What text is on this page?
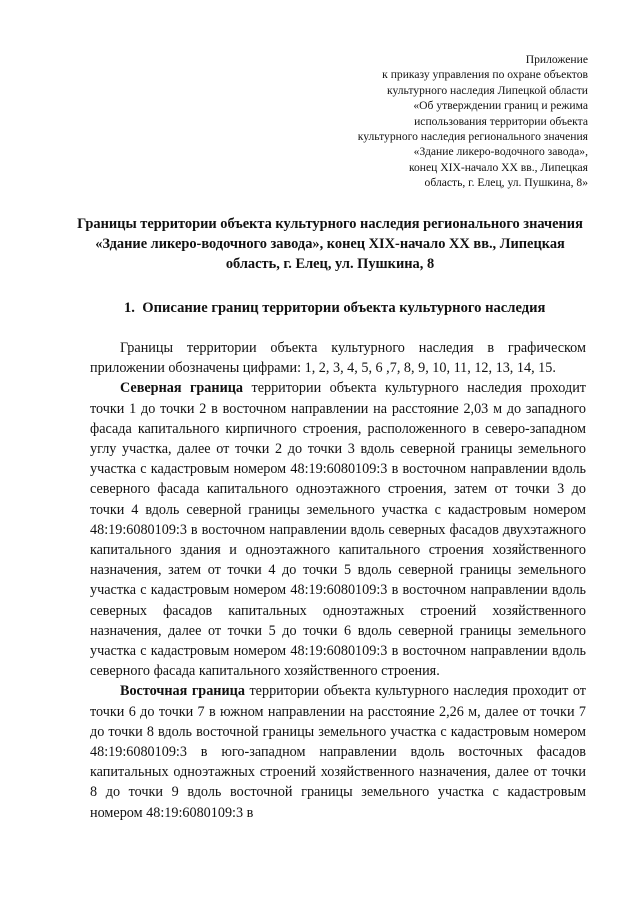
Приложение
к приказу управления по охране объектов
культурного наследия Липецкой области
«Об утверждении границ и режима
использования территории объекта
культурного наследия регионального значения
«Здание ликеро-водочного завода»,
конец XIX-начало XX вв., Липецкая
область, г. Елец, ул. Пушкина, 8»
Границы территории объекта культурного наследия регионального значения «Здание ликеро-водочного завода», конец XIX-начало XX вв., Липецкая область, г. Елец, ул. Пушкина, 8
1. Описание границ территории объекта культурного наследия

Границы территории объекта культурного наследия в графическом приложении обозначены цифрами: 1, 2, 3, 4, 5, 6 ,7, 8, 9, 10, 11, 12, 13, 14, 15.

Северная граница территории объекта культурного наследия проходит точки 1 до точки 2 в восточном направлении на расстояние 2,03 м до западного фасада капитального кирпичного строения, расположенного в северо-западном углу участка, далее от точки 2 до точки 3 вдоль северной границы земельного участка с кадастровым номером 48:19:6080109:3 в восточном направлении вдоль северного фасада капитального одноэтажного строения, затем от точки 3 до точки 4 вдоль северной границы земельного участка с кадастровым номером 48:19:6080109:3 в восточном направлении вдоль северных фасадов двухэтажного капитального здания и одноэтажного капитального строения хозяйственного назначения, затем от точки 4 до точки 5 вдоль северной границы земельного участка с кадастровым номером 48:19:6080109:3 в восточном направлении вдоль северных фасадов капитальных одноэтажных строений хозяйственного назначения, далее от точки 5 до точки 6 вдоль северной границы земельного участка с кадастровым номером 48:19:6080109:3 в восточном направлении вдоль северного фасада капитального хозяйственного строения.

Восточная граница территории объекта культурного наследия проходит от точки 6 до точки 7 в южном направлении на расстояние 2,26 м, далее от точки 7 до точки 8 вдоль восточной границы земельного участка с кадастровым номером 48:19:6080109:3 в юго-западном направлении вдоль восточных фасадов капитальных одноэтажных строений хозяйственного назначения, далее от точки 8 до точки 9 вдоль восточной границы земельного участка с кадастровым номером 48:19:6080109:3 в
